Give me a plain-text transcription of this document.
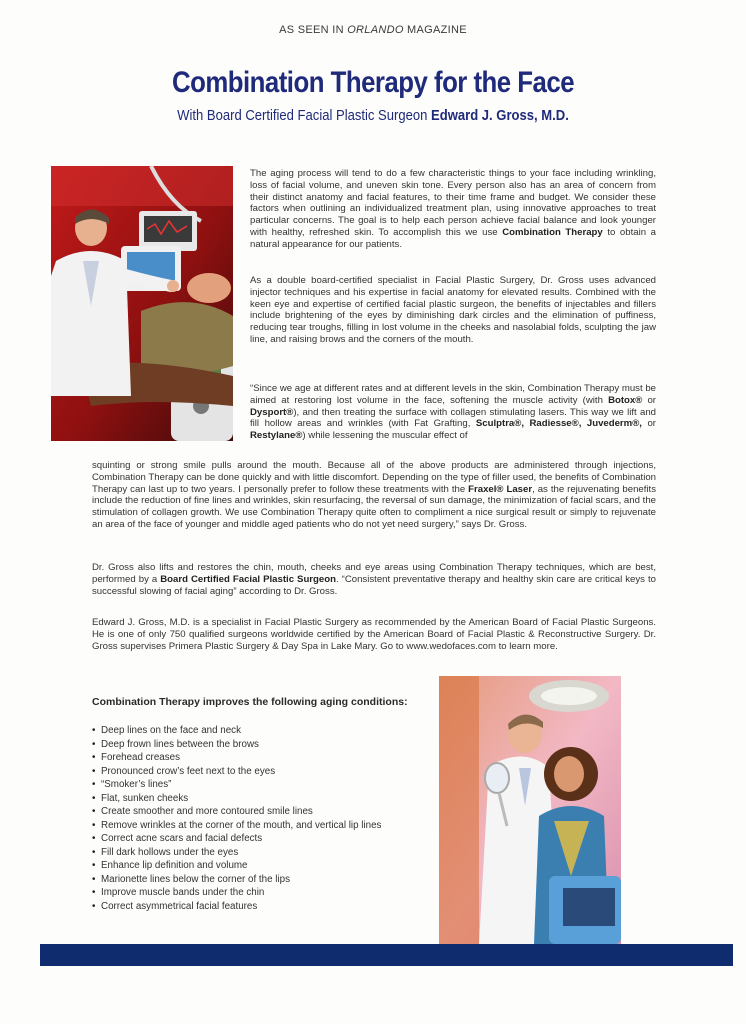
AS SEEN IN ORLANDO MAGAZINE
Combination Therapy for the Face
With Board Certified Facial Plastic Surgeon Edward J. Gross, M.D.
The aging process will tend to do a few characteristic things to your face including wrinkling, loss of facial volume, and uneven skin tone. Every person also has an area of concern from their distinct anatomy and facial features, to their time frame and budget. We consider these factors when outlining an individualized treatment plan, using innovative approaches to treat particular concerns. The goal is to help each person achieve facial balance and look younger with healthy, refreshed skin. To accomplish this we use Combination Therapy to obtain a natural appearance for our patients.
As a double board-certified specialist in Facial Plastic Surgery, Dr. Gross uses advanced injector techniques and his expertise in facial anatomy for elevated results. Combined with the keen eye and expertise of certified facial plastic surgeon, the benefits of injectables and fillers include brightening of the eyes by diminishing dark circles and the elimination of puffiness, reducing tear troughs, filling in lost volume in the cheeks and nasolabial folds, sculpting the jaw line, and raising brows and the corners of the mouth.
“Since we age at different rates and at different levels in the skin, Combination Therapy must be aimed at restoring lost volume in the face, softening the muscle activity (with Botox® or Dysport®), and then treating the surface with collagen stimulating lasers. This way we lift and fill hollow areas and wrinkles (with Fat Grafting, Sculptra®, Radiesse®, Juvederm®, or Restylane®) while lessening the muscular effect of
squinting or strong smile pulls around the mouth. Because all of the above products are administered through injections, Combination Therapy can be done quickly and with little discomfort. Depending on the type of filler used, the benefits of Combination Therapy can last up to two years. I personally prefer to follow these treatments with the Fraxel® Laser, as the rejuvenating benefits include the reduction of fine lines and wrinkles, skin resurfacing, the reversal of sun damage, the minimization of facial scars, and the stimulation of collagen growth. We use Combination Therapy quite often to compliment a nice surgical result or simply to rejuvenate an area of the face of younger and middle aged patients who do not yet need surgery,” says Dr. Gross.
Dr. Gross also lifts and restores the chin, mouth, cheeks and eye areas using Combination Therapy techniques, which are best, performed by a Board Certified Facial Plastic Surgeon. “Consistent preventative therapy and healthy skin care are critical keys to successful slowing of facial aging” according to Dr. Gross.
Edward J. Gross, M.D. is a specialist in Facial Plastic Surgery as recommended by the American Board of Facial Plastic Surgeons. He is one of only 750 qualified surgeons worldwide certified by the American Board of Facial Plastic & Reconstructive Surgery. Dr. Gross supervises Primera Plastic Surgery & Day Spa in Lake Mary. Go to www.wedofaces.com to learn more.
Combination Therapy improves the following aging conditions:
• Deep lines on the face and neck
• Deep frown lines between the brows
• Forehead creases
• Pronounced crow’s feet next to the eyes
• “Smoker’s lines”
• Flat, sunken cheeks
• Create smoother and more contoured smile lines
• Remove wrinkles at the corner of the mouth, and vertical lip lines
• Correct acne scars and facial defects
• Fill dark hollows under the eyes
• Enhance lip definition and volume
• Marionette lines below the corner of the lips
• Improve muscle bands under the chin
• Correct asymmetrical facial features
